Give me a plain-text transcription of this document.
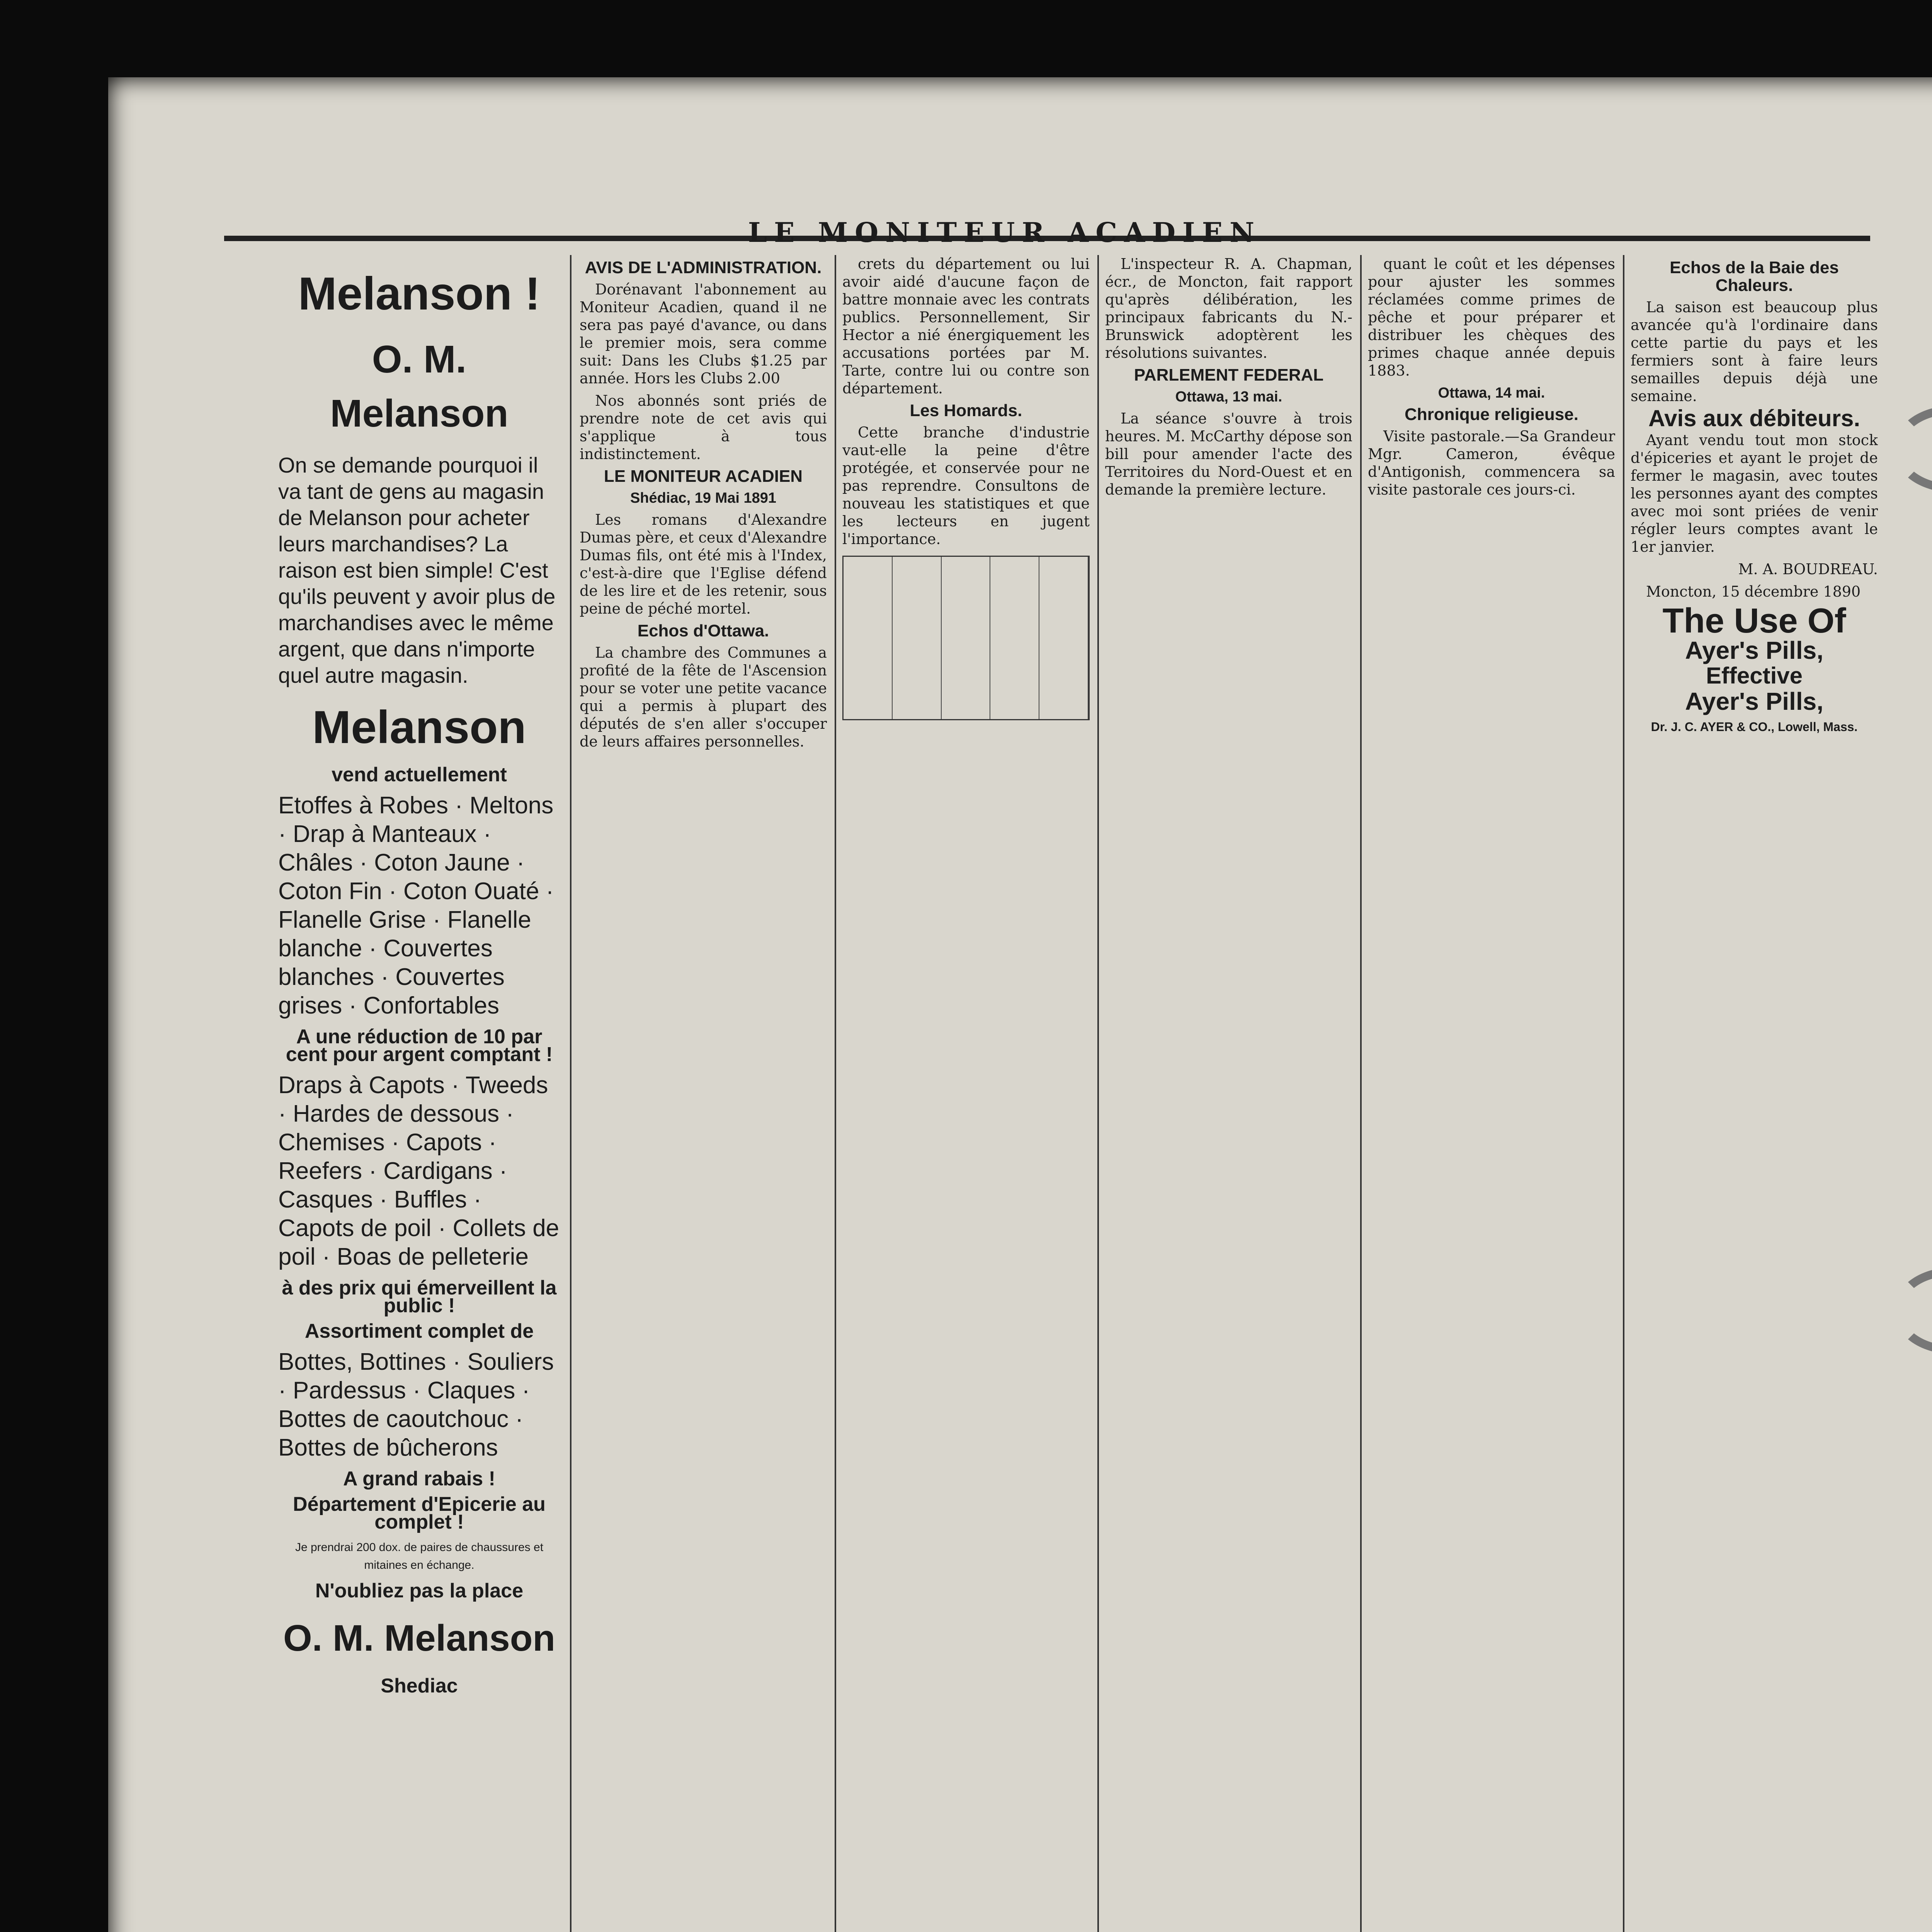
LE MONITEUR ACADIEN
Melanson !
O. M. Melanson
On se demande pourquoi il va tant de gens au magasin de Melanson pour acheter leurs marchandises? La raison est bien simple! C'est qu'ils peuvent y avoir plus de marchandises avec le même argent, que dans n'importe quel autre magasin.
Melanson
vend actuellement
Etoffes à Robes · Meltons · Drap à Manteaux · Châles · Coton Jaune · Coton Fin · Coton Ouaté · Flanelle Grise · Flanelle blanche · Couvertes blanches · Couvertes grises · Confortables
A une réduction de 10 par cent pour argent comptant !
Draps à Capots · Tweeds · Hardes de dessous · Chemises · Capots · Reefers · Cardigans · Casques · Buffles · Capots de poil · Collets de poil · Boas de pelleterie
à des prix qui émerveillent la public !
Assortiment complet de
Bottes, Bottines · Souliers · Pardessus · Claques · Bottes de caoutchouc · Bottes de bûcherons
A grand rabais !
Département d'Epicerie au complet !
Je prendrai 200 dox. de paires de chaussures et mitaines en échange.
N'oubliez pas la place
O. M. Melanson
Shediac
AVIS DE L'ADMINISTRATION.

Dorénavant l'abonnement au Moniteur Acadien, quand il ne sera pas payé d'avance, ou dans le premier mois, sera comme suit: Dans les Clubs $1.25 par année. Hors les Clubs 2.00

Nos abonnés sont priés de prendre note de cet avis qui s'applique à tous indistinctement.

LE MONITEUR ACADIEN
Shédiac, 19 Mai 1891

Les romans d'Alexandre Dumas père, et ceux d'Alexandre Dumas fils, ont été mis à l'Index, c'est-à-dire que l'Eglise défend de les lire et de les retenir, sous peine de péché mortel.

Echos d'Ottawa.

La chambre des Communes a profité de la fête de l'Ascension pour se voter une petite vacance qui a permis à plupart des députés de s'en aller s'occuper de leurs affaires personnelles.

crets du département ou lui avoir aidé d'aucune façon de battre monnaie avec les contrats publics. Personnellement, Sir Hector a nié énergiquement les accusations portées par M. Tarte, contre lui ou contre son département.

Les Homards.

Cette branche d'industrie vaut-elle la peine d'être protégée, et conservée pour ne pas reprendre. Consultons de nouveau les statistiques et que les lecteurs en jugent l'importance.

L'inspecteur R. A. Chapman, écr., de Moncton, fait rapport qu'après délibération, les principaux fabricants du N.-Brunswick adoptèrent les résolutions suivantes.

PARLEMENT FEDERAL
Ottawa, 13 mai.

La séance s'ouvre à trois heures. M. McCarthy dépose son bill pour amender l'acte des Territoires du Nord-Ouest et en demande la première lecture.

quant le coût et les dépenses pour ajuster les sommes réclamées comme primes de pêche et pour préparer et distribuer les chèques des primes chaque année depuis 1883.

Ottawa, 14 mai.
Chronique religieuse.

Visite pastorale.—Sa Grandeur Mgr. Cameron, évêque d'Antigonish, commencera sa visite pastorale ces jours-ci.

Echos de la Baie des Chaleurs.

La saison est beaucoup plus avancée qu'à l'ordinaire dans cette partie du pays et les fermiers sont à faire leurs semailles depuis déjà une semaine.

Avis aux débiteurs.

Ayant vendu tout mon stock d'épiceries et ayant le projet de fermer le magasin, avec toutes les personnes ayant des comptes avec moi sont priées de venir régler leurs comptes avant le 1er janvier.

M. A. BOUDREAU.

Moncton, 15 décembre 1890

The Use Of
Ayer's Pills,
Effective
Ayer's Pills,
Dr. J. C. AYER & CO., Lowell, Mass.
